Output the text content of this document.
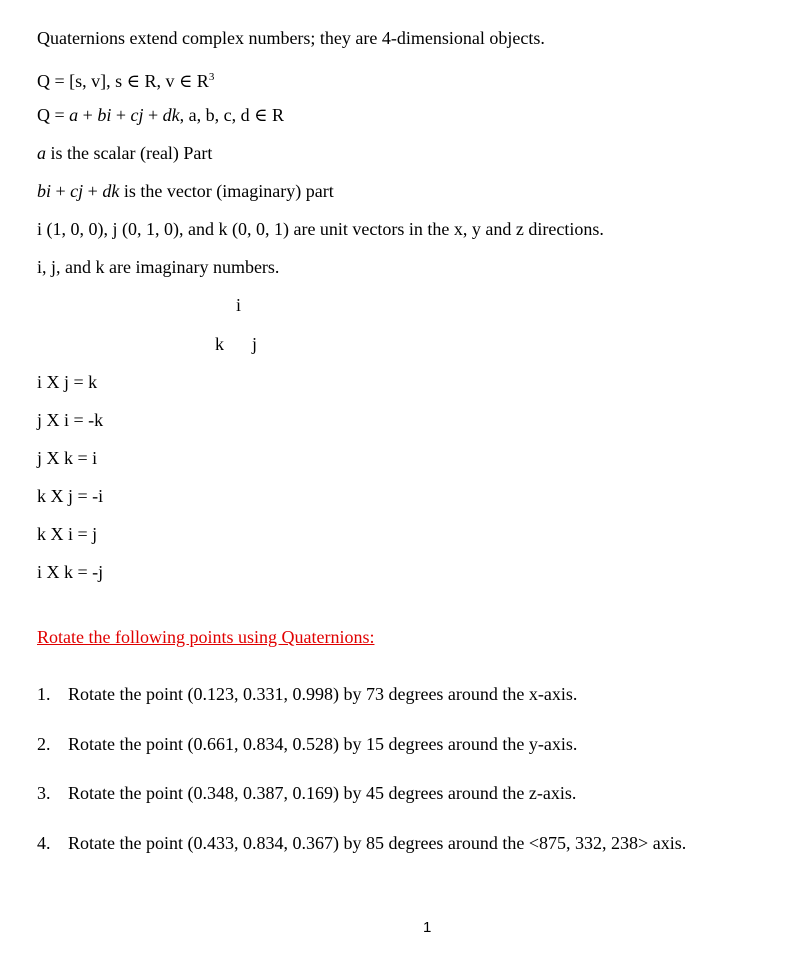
Quaternions extend complex numbers; they are 4-dimensional objects.
Q = [s, v], s ∈ R, v ∈ $R^3$
Q = a + bi + cj + dk, a, b, c, d ∈ R
a is the scalar (real) Part
bi + cj + dk is the vector (imaginary) part
i (1, 0, 0), j (0, 1, 0), and k (0, 0, 1) are unit vectors in the x, y and z directions.
i, j, and k are imaginary numbers.
i
k j
i X j = k
j X i = -k
j X k = i
k X j = -i
k X i = j
i X k = -j
Rotate the following points using Quaternions:
1. Rotate the point (0.123, 0.331, 0.998) by 73 degrees around the x-axis.
2. Rotate the point (0.661, 0.834, 0.528) by 15 degrees around the y-axis.
3. Rotate the point (0.348, 0.387, 0.169) by 45 degrees around the z-axis.
4. Rotate the point (0.433, 0.834, 0.367) by 85 degrees around the <875, 332, 238> axis.
1
